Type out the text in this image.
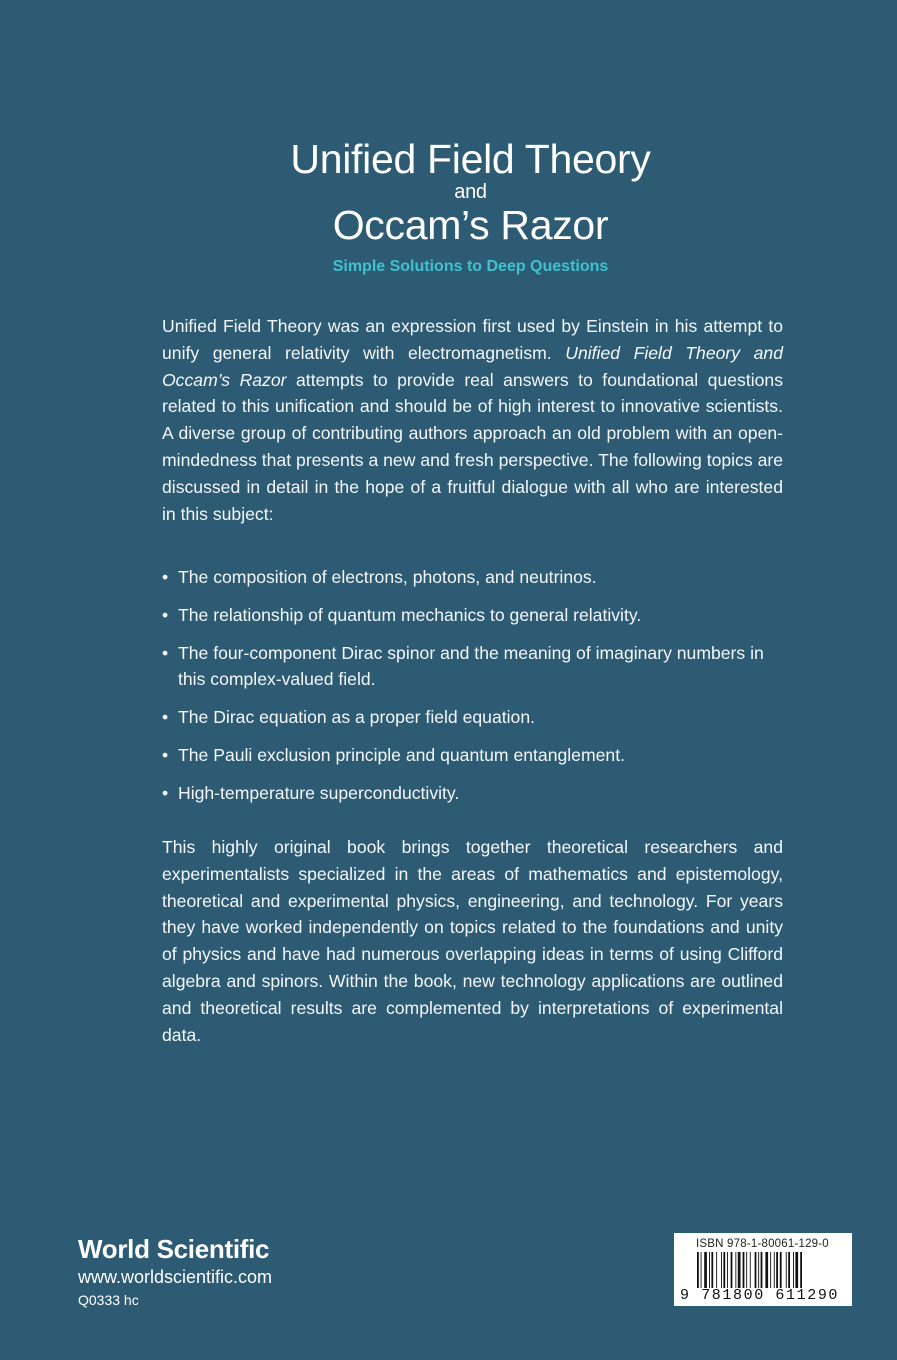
Unified Field Theory
and
Occam’s Razor
Simple Solutions to Deep Questions

Unified Field Theory was an expression first used by Einstein in his attempt to unify general relativity with electromagnetism. Unified Field Theory and Occam’s Razor attempts to provide real answers to foundational questions related to this unification and should be of high interest to innovative scientists. A diverse group of contributing authors approach an old problem with an open-mindedness that presents a new and fresh perspective. The following topics are discussed in detail in the hope of a fruitful dialogue with all who are interested in this subject:

• The composition of electrons, photons, and neutrinos.
• The relationship of quantum mechanics to general relativity.
• The four-component Dirac spinor and the meaning of imaginary numbers in this complex-valued field.
• The Dirac equation as a proper field equation.
• The Pauli exclusion principle and quantum entanglement.
• High-temperature superconductivity.

This highly original book brings together theoretical researchers and experimentalists specialized in the areas of mathematics and epistemology, theoretical and experimental physics, engineering, and technology. For years they have worked independently on topics related to the foundations and unity of physics and have had numerous overlapping ideas in terms of using Clifford algebra and spinors. Within the book, new technology applications are outlined and theoretical results are complemented by interpretations of experimental data.

World Scientific
www.worldscientific.com
Q0333 hc
ISBN 978-1-80061-129-0
9 781800 611290
